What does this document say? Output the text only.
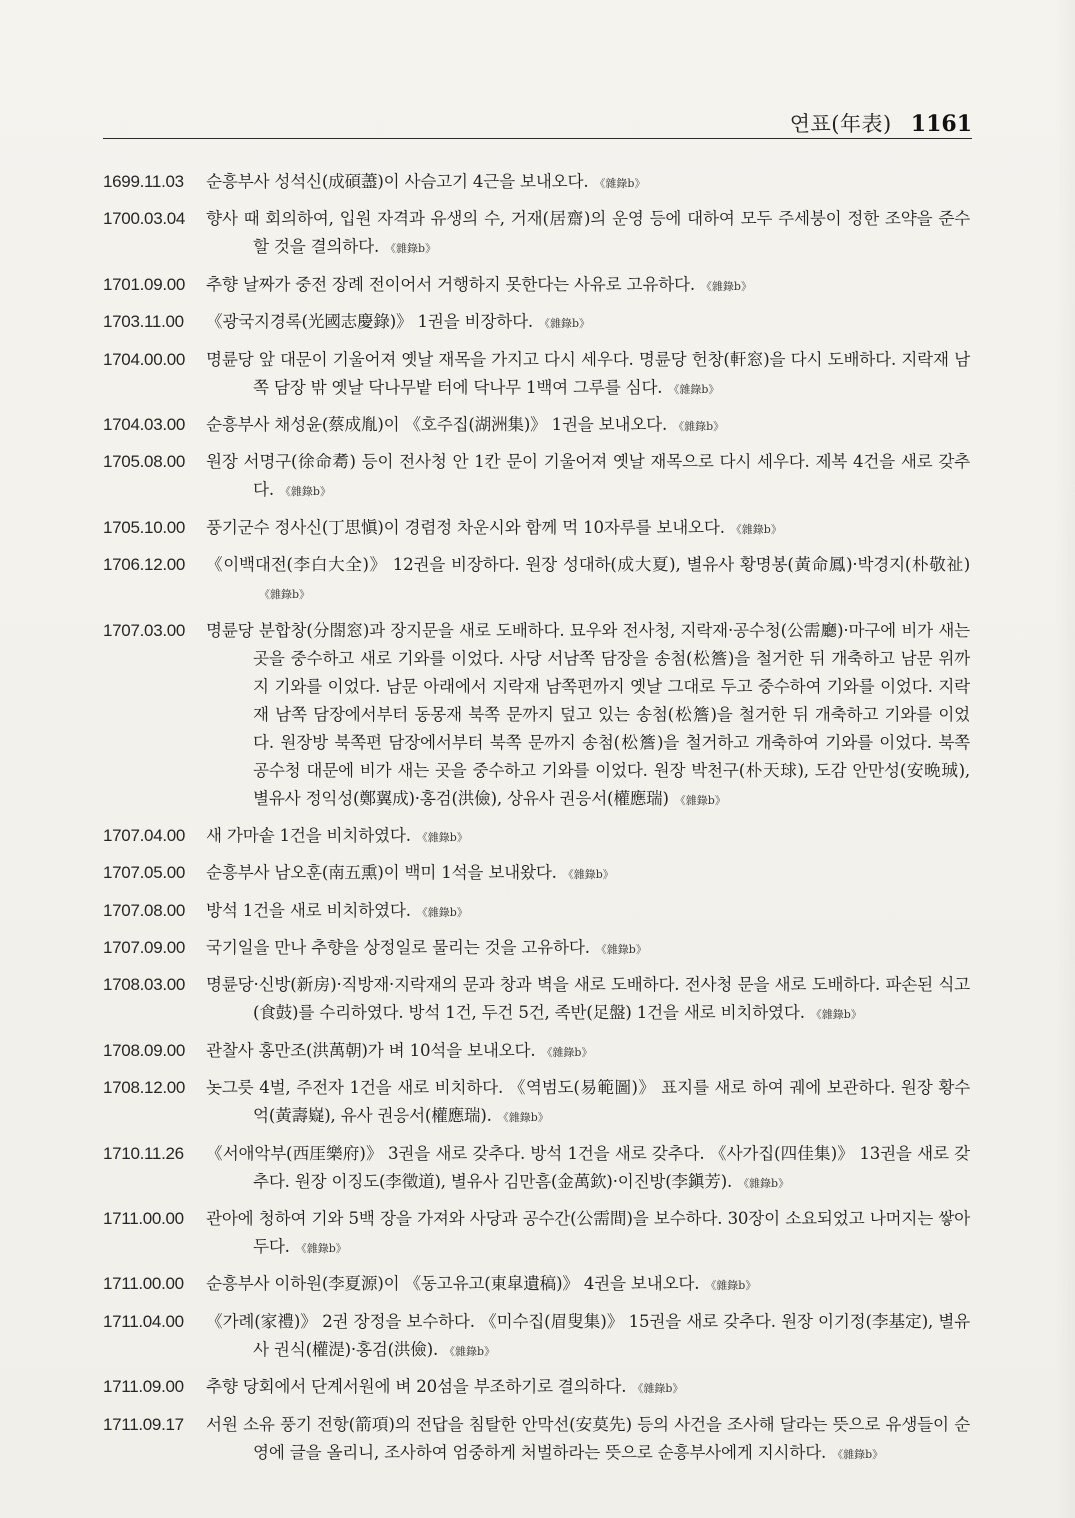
연표(年表) 1161
1699.11.03	순흥부사 성석신(成碩藎)이 사슴고기 4근을 보내오다. 《雜錄b》
1700.03.04	향사 때 회의하여, 입원 자격과 유생의 수, 거재(居齋)의 운영 등에 대하여 모두 주세붕이 정한 조약을 준수할 것을 결의하다. 《雜錄b》
1701.09.00	추향 날짜가 중전 장례 전이어서 거행하지 못한다는 사유로 고유하다. 《雜錄b》
1703.11.00	《광국지경록(光國志慶錄)》 1권을 비장하다. 《雜錄b》
1704.00.00	명륜당 앞 대문이 기울어져 옛날 재목을 가지고 다시 세우다. 명륜당 헌창(軒窓)을 다시 도배하다. 지락재 남쪽 담장 밖 옛날 닥나무밭 터에 닥나무 1백여 그루를 심다. 《雜錄b》
1704.03.00	순흥부사 채성윤(蔡成胤)이 《호주집(湖洲集)》 1권을 보내오다. 《雜錄b》
1705.08.00	원장 서명구(徐命耈) 등이 전사청 안 1칸 문이 기울어져 옛날 재목으로 다시 세우다. 제복 4건을 새로 갖추다. 《雜錄b》
1705.10.00	풍기군수 정사신(丁思愼)이 경렴정 차운시와 함께 먹 10자루를 보내오다. 《雜錄b》
1706.12.00	《이백대전(李白大全)》 12권을 비장하다. 원장 성대하(成大夏), 별유사 황명봉(黃命鳳)·박경지(朴敬祉)《雜錄b》
1707.03.00	명륜당 분합창(分閤窓)과 장지문을 새로 도배하다. 묘우와 전사청, 지락재·공수청(公需廳)·마구에 비가 새는 곳을 중수하고 새로 기와를 이었다. 사당 서남쪽 담장을 송첨(松簷)을 철거한 뒤 개축하고 남문 위까지 기와를 이었다. 남문 아래에서 지락재 남쪽편까지 옛날 그대로 두고 중수하여 기와를 이었다. 지락재 남쪽 담장에서부터 동몽재 북쪽 문까지 덮고 있는 송첨(松簷)을 철거한 뒤 개축하고 기와를 이었다. 원장방 북쪽편 담장에서부터 북쪽 문까지 송첨(松簷)을 철거하고 개축하여 기와를 이었다. 북쪽 공수청 대문에 비가 새는 곳을 중수하고 기와를 이었다. 원장 박천구(朴天球), 도감 안만성(安晩珹), 별유사 정익성(鄭翼成)·홍검(洪儉), 상유사 권응서(權應瑞) 《雜錄b》
1707.04.00	새 가마솥 1건을 비치하였다. 《雜錄b》
1707.05.00	순흥부사 남오훈(南五熏)이 백미 1석을 보내왔다. 《雜錄b》
1707.08.00	방석 1건을 새로 비치하였다. 《雜錄b》
1707.09.00	국기일을 만나 추향을 상정일로 물리는 것을 고유하다. 《雜錄b》
1708.03.00	명륜당·신방(新房)·직방재·지락재의 문과 창과 벽을 새로 도배하다. 전사청 문을 새로 도배하다. 파손된 식고(食鼓)를 수리하였다. 방석 1건, 두건 5건, 족반(足盤) 1건을 새로 비치하였다. 《雜錄b》
1708.09.00	관찰사 홍만조(洪萬朝)가 벼 10석을 보내오다. 《雜錄b》
1708.12.00	놋그릇 4벌, 주전자 1건을 새로 비치하다. 《역범도(易範圖)》 표지를 새로 하여 궤에 보관하다. 원장 황수억(黃壽嶷), 유사 권응서(權應瑞). 《雜錄b》
1710.11.26	《서애악부(西厓樂府)》 3권을 새로 갖추다. 방석 1건을 새로 갖추다. 《사가집(四佳集)》 13권을 새로 갖추다. 원장 이징도(李徵道), 별유사 김만흠(金萬欽)·이진방(李鎭芳). 《雜錄b》
1711.00.00	관아에 청하여 기와 5백 장을 가져와 사당과 공수간(公需間)을 보수하다. 30장이 소요되었고 나머지는 쌓아두다. 《雜錄b》
1711.00.00	순흥부사 이하원(李夏源)이 《동고유고(東皐遺稿)》 4권을 보내오다. 《雜錄b》
1711.04.00	《가례(家禮)》 2권 장정을 보수하다. 《미수집(眉叟集)》 15권을 새로 갖추다. 원장 이기정(李基定), 별유사 권식(權湜)·홍검(洪儉). 《雜錄b》
1711.09.00	추향 당회에서 단계서원에 벼 20섬을 부조하기로 결의하다. 《雜錄b》
1711.09.17	서원 소유 풍기 전항(箭項)의 전답을 침탈한 안막선(安莫先) 등의 사건을 조사해 달라는 뜻으로 유생들이 순영에 글을 올리니, 조사하여 엄중하게 처벌하라는 뜻으로 순흥부사에게 지시하다. 《雜錄b》
